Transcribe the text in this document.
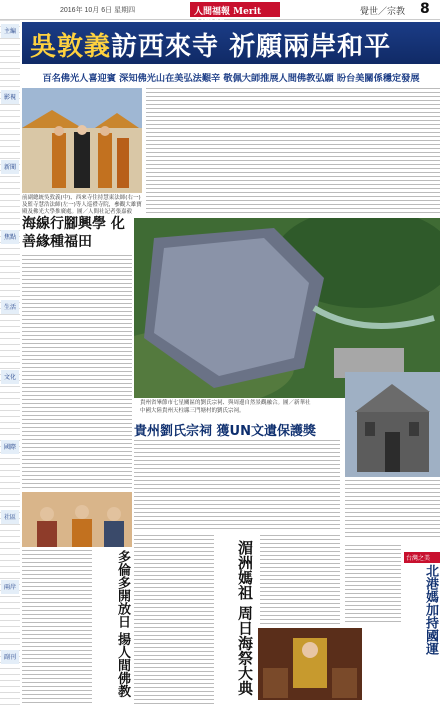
2016年 10月 6日 星期四	人間福報 Merit	覺世／宗教 8
主編
影視
新聞
焦點
生活
文化
國際
社區
兩岸
副刊
吳敦義訪西來寺 祈願兩岸和平
百名佛光人喜迎賓 深知佛光山在美弘法艱辛 敬佩大師推展人間佛教弘願 盼台美關係穩定發展
前副總統吳敦義(中)、西來寺住持慧東法師(右一)及監寺慧浩法師(左一)等人巡禮寺院，參觀大雄寶殿及佛光大學推廣處。圖／人間社記者張嘉毅
海線行腳興學 化善緣種福田
貴州省畢節市七星關區的劉氏宗祠、與周邊自然景觀融合。圖／新華社
中國大陸貴州天柱縣三門塘村的劉氏宗祠。
貴州劉氏宗祠 獲UN文遺保護獎
多倫多開放日 揚人間佛教	湄洲媽祖 周日海祭大典	台灣之美
北港媽加持國運
